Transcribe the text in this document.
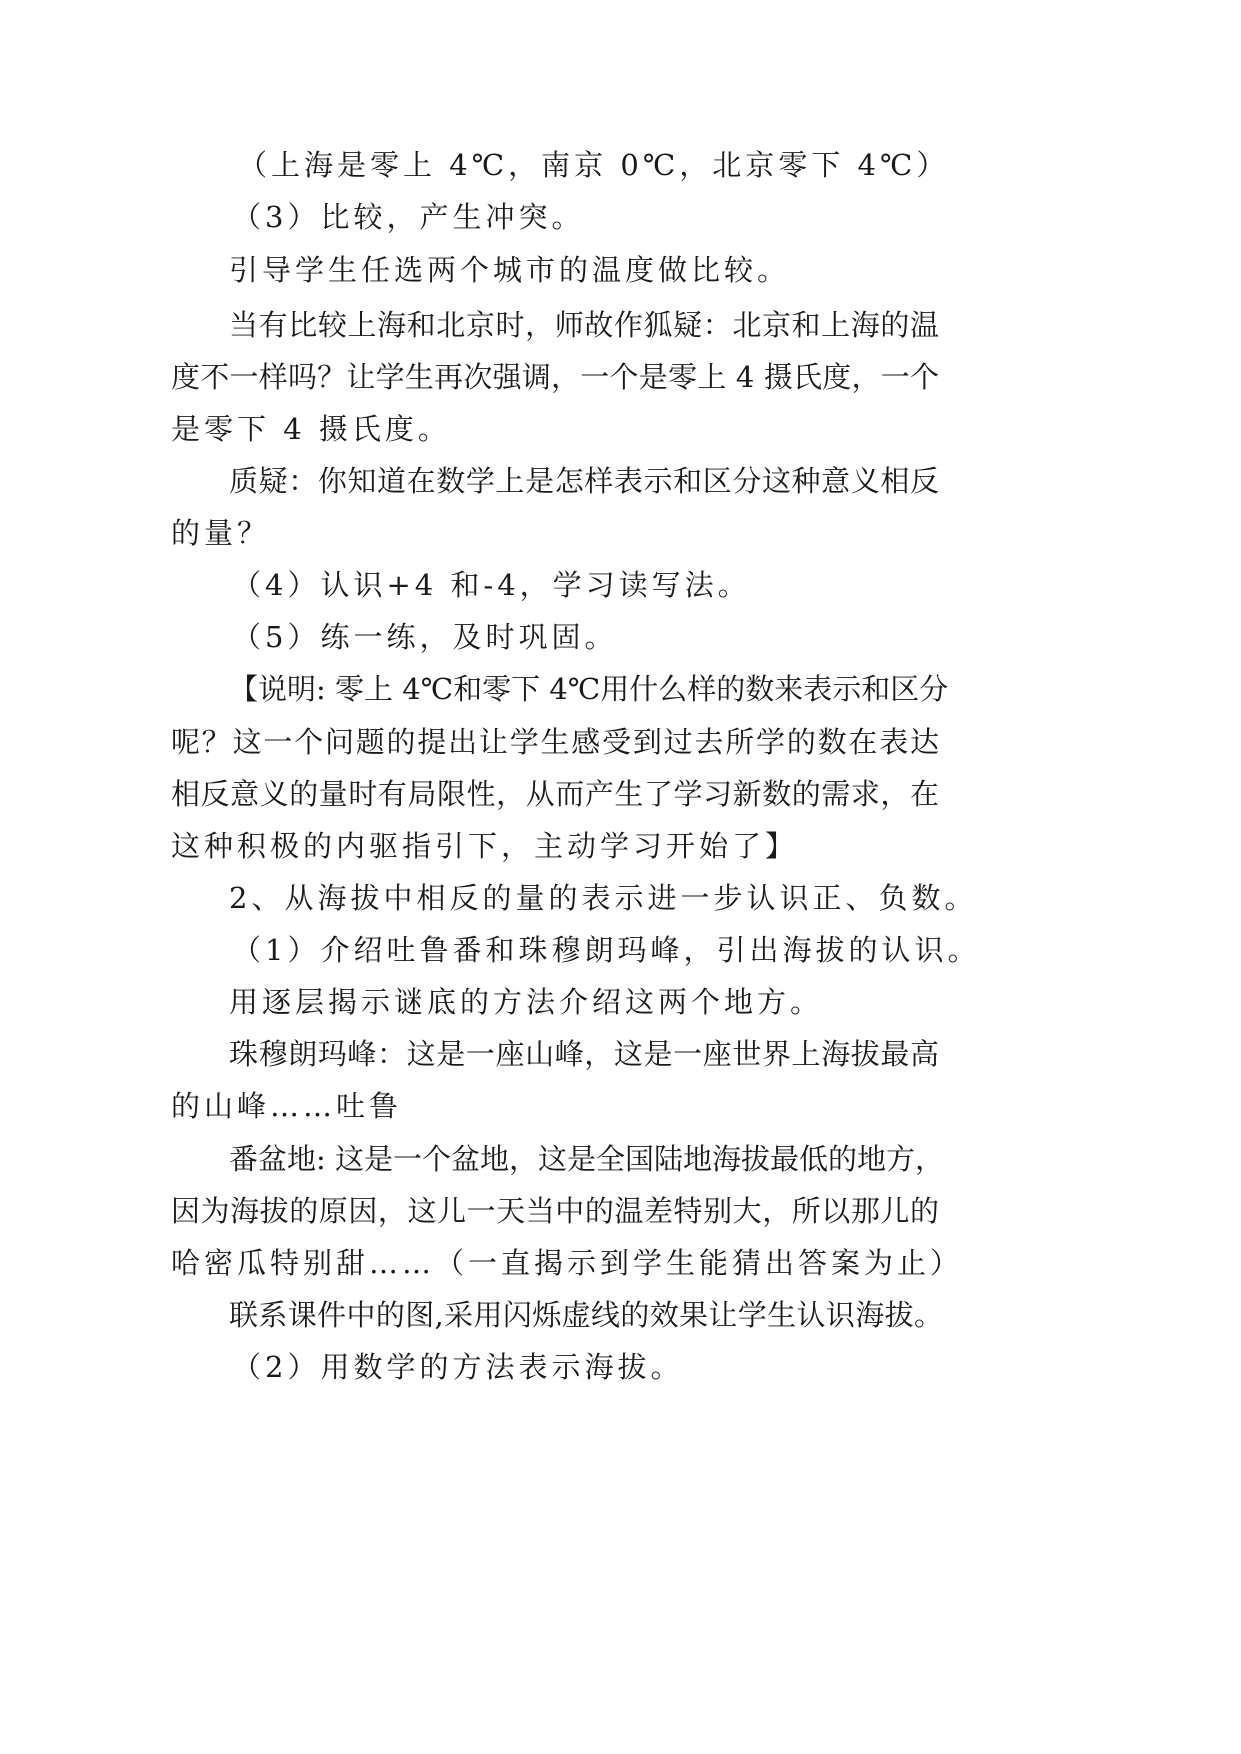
（上海是零上 4℃，南京 0℃，北京零下 4℃）
（3）比较，产生冲突。
引导学生任选两个城市的温度做比较。
当有比较上海和北京时，师故作狐疑：北京和上海的温
度不一样吗？让学生再次强调，一个是零上 4 摄氏度，一个
是零下 4 摄氏度。
质疑：你知道在数学上是怎样表示和区分这种意义相反
的量？
（4）认识+4 和-4，学习读写法。
（5）练一练，及时巩固。
【说明: 零上 4℃和零下 4℃用什么样的数来表示和区分
呢？这一个问题的提出让学生感受到过去所学的数在表达
相反意义的量时有局限性，从而产生了学习新数的需求，在
这种积极的内驱指引下，主动学习开始了】
2、从海拔中相反的量的表示进一步认识正、负数。
（1）介绍吐鲁番和珠穆朗玛峰，引出海拔的认识。
用逐层揭示谜底的方法介绍这两个地方。
珠穆朗玛峰：这是一座山峰，这是一座世界上海拔最高
的山峰……吐鲁
番盆地: 这是一个盆地，这是全国陆地海拔最低的地方，
因为海拔的原因，这儿一天当中的温差特别大，所以那儿的
哈密瓜特别甜……（一直揭示到学生能猜出答案为止）
联系课件中的图,采用闪烁虚线的效果让学生认识海拔。
（2）用数学的方法表示海拔。
